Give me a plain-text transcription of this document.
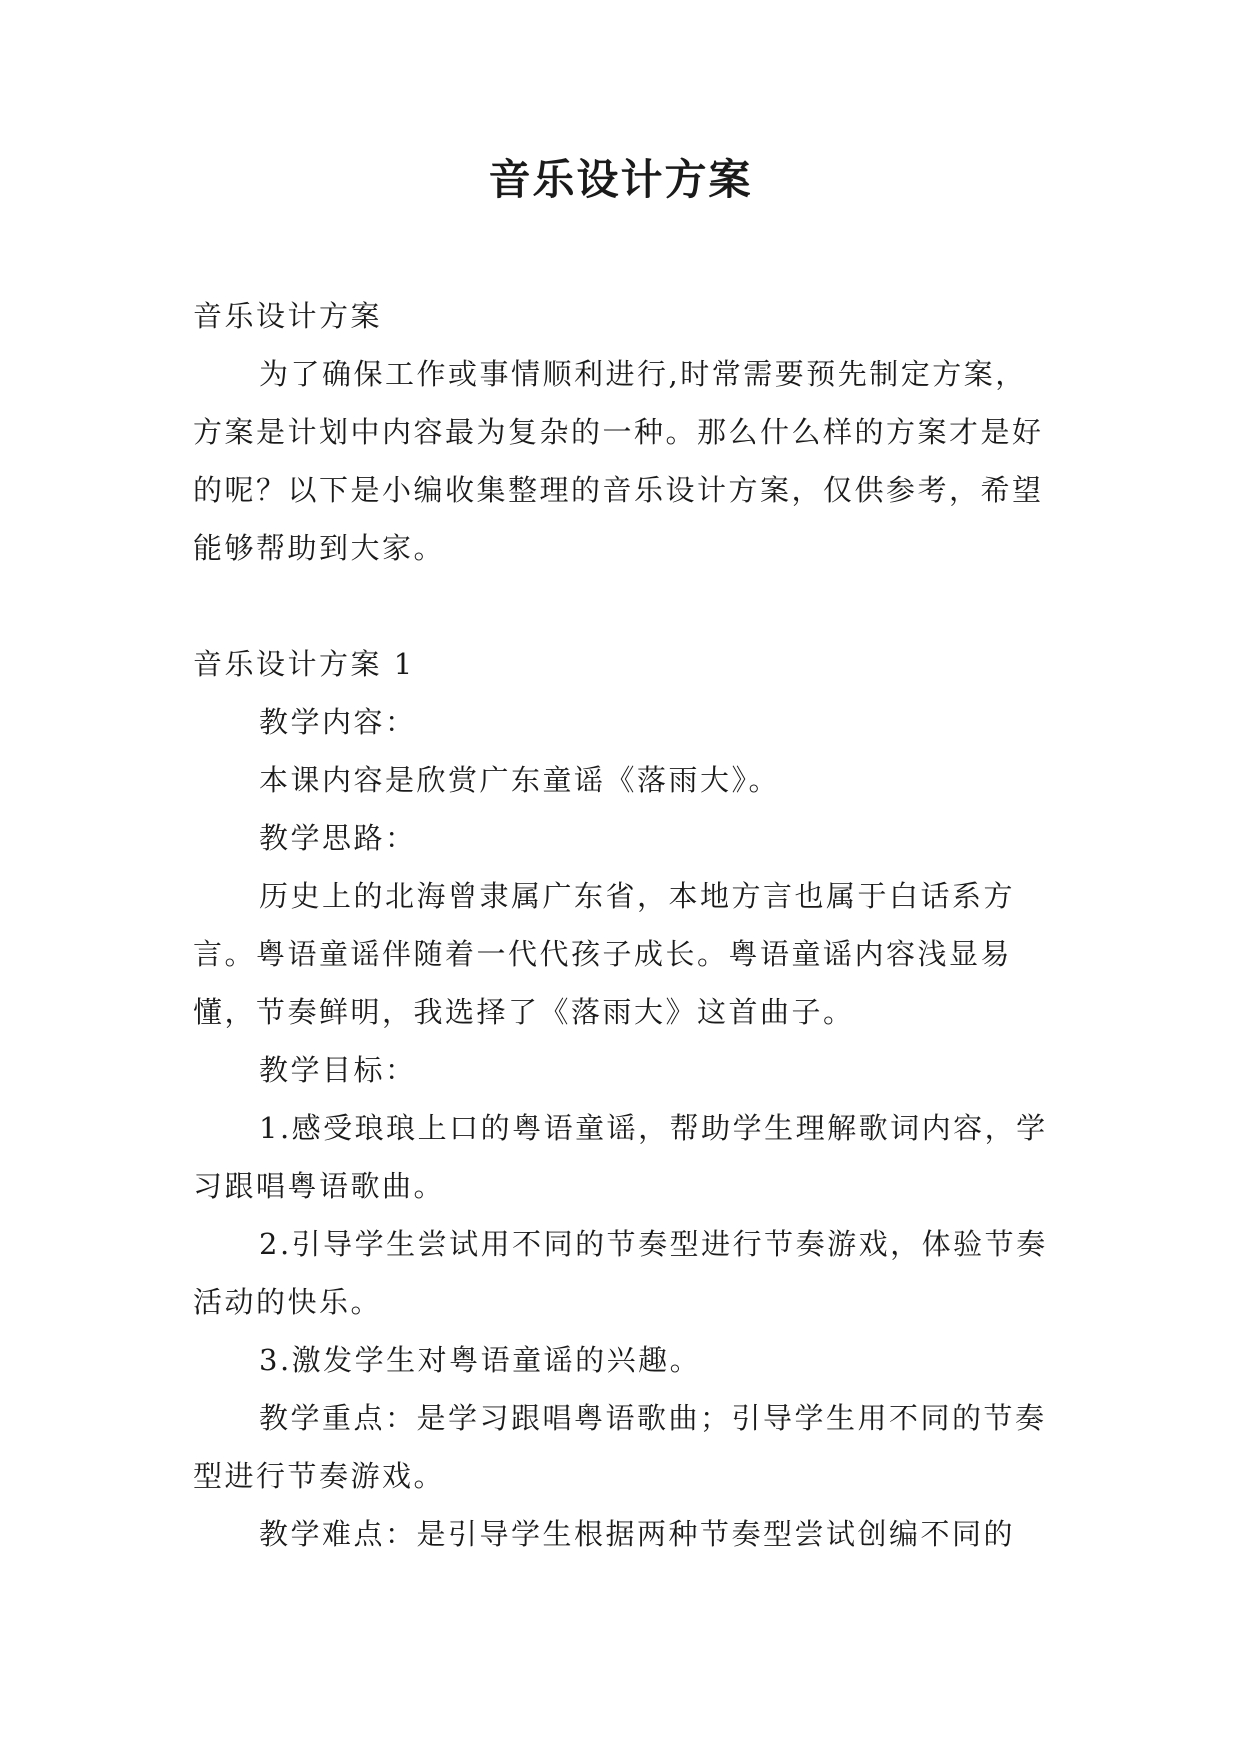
音乐设计方案

音乐设计方案

为了确保工作或事情顺利进行,时常需要预先制定方案，方案是计划中内容最为复杂的一种。那么什么样的方案才是好的呢？以下是小编收集整理的音乐设计方案，仅供参考，希望能够帮助到大家。

音乐设计方案 1

教学内容：

本课内容是欣赏广东童谣《落雨大》。

教学思路：

历史上的北海曾隶属广东省，本地方言也属于白话系方言。粤语童谣伴随着一代代孩子成长。粤语童谣内容浅显易懂，节奏鲜明，我选择了《落雨大》这首曲子。

教学目标：

1.感受琅琅上口的粤语童谣，帮助学生理解歌词内容，学习跟唱粤语歌曲。

2.引导学生尝试用不同的节奏型进行节奏游戏，体验节奏活动的快乐。

3.激发学生对粤语童谣的兴趣。

教学重点：是学习跟唱粤语歌曲；引导学生用不同的节奏型进行节奏游戏。

教学难点：是引导学生根据两种节奏型尝试创编不同的
